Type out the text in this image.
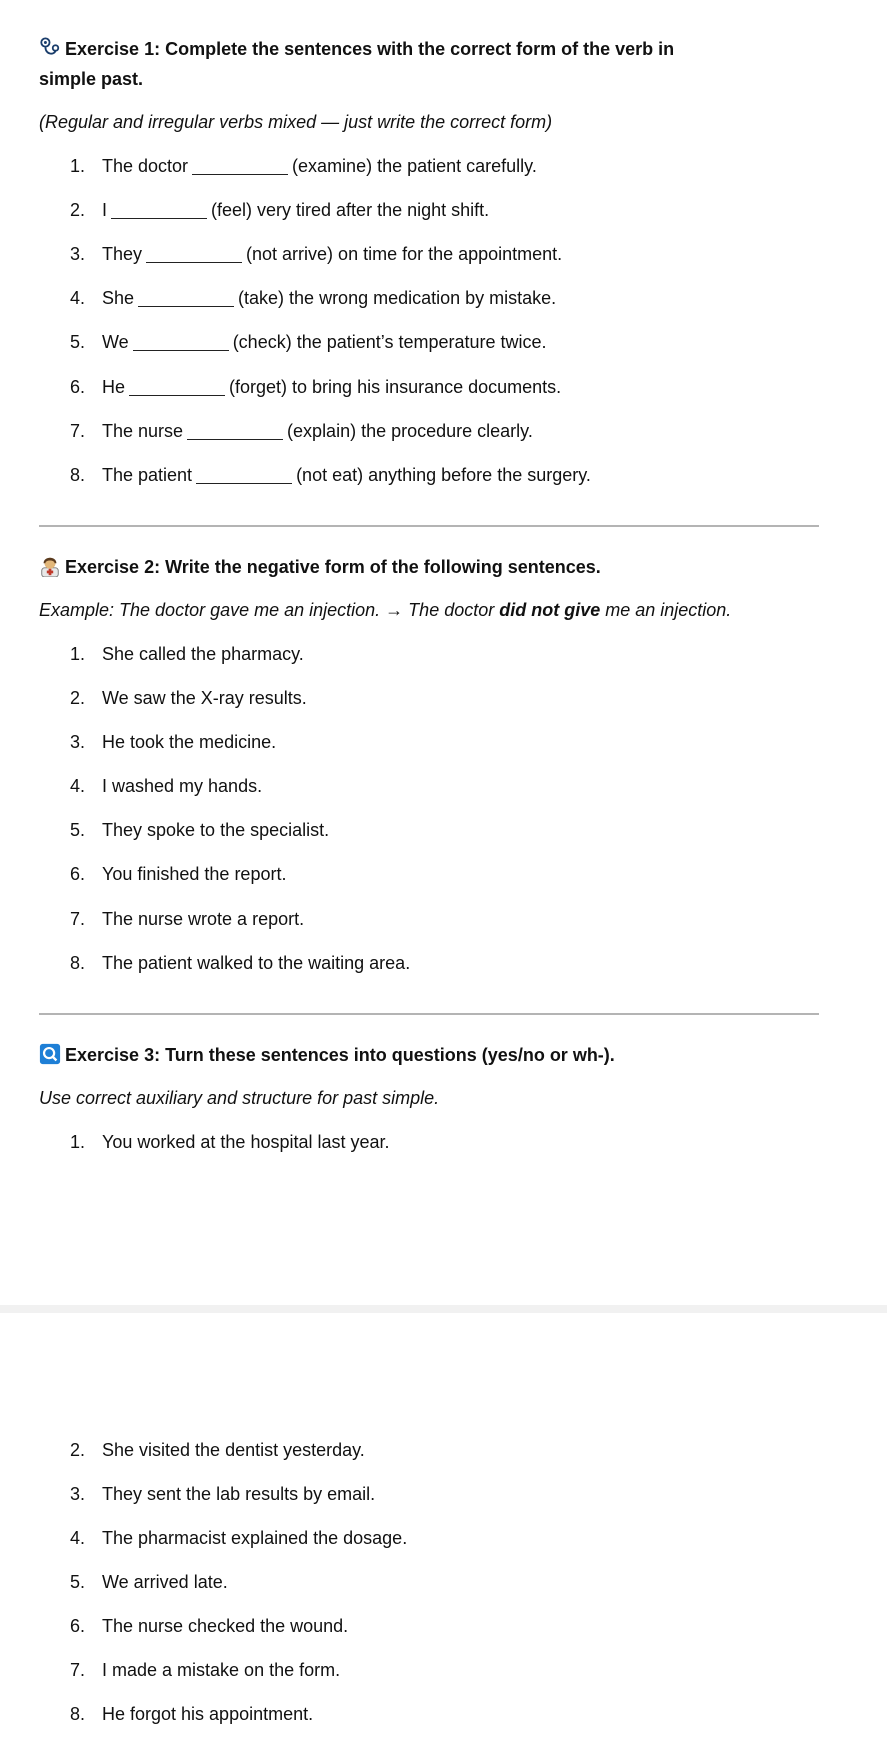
Exercise 1: Complete the sentences with the correct form of the verb in
simple past.
(Regular and irregular verbs mixed — just write the correct form)
1. The doctor	(examine) the patient carefully.
2. I	(feel) very tired after the night shift.
3. They	(not arrive) on time for the appointment.
4. She	(take) the wrong medication by mistake.
5. We	(check) the patient’s temperature twice.
6. He	(forget) to bring his insurance documents.
7. The nurse	(explain) the procedure clearly.
8. The patient	(not eat) anything before the surgery.
Exercise 2: Write the negative form of the following sentences.
Example: The doctor gave me an injection. → The doctor did not give me an injection.
1. She called the pharmacy.
2. We saw the X-ray results.
3. He took the medicine.
4. I washed my hands.
5. They spoke to the specialist.
6. You finished the report.
7. The nurse wrote a report.
8. The patient walked to the waiting area.
Exercise 3: Turn these sentences into questions (yes/no or wh-).
Use correct auxiliary and structure for past simple.
1. You worked at the hospital last year.
2. She visited the dentist yesterday.
3. They sent the lab results by email.
4. The pharmacist explained the dosage.
5. We arrived late.
6. The nurse checked the wound.
7. I made a mistake on the form.
8. He forgot his appointment.
